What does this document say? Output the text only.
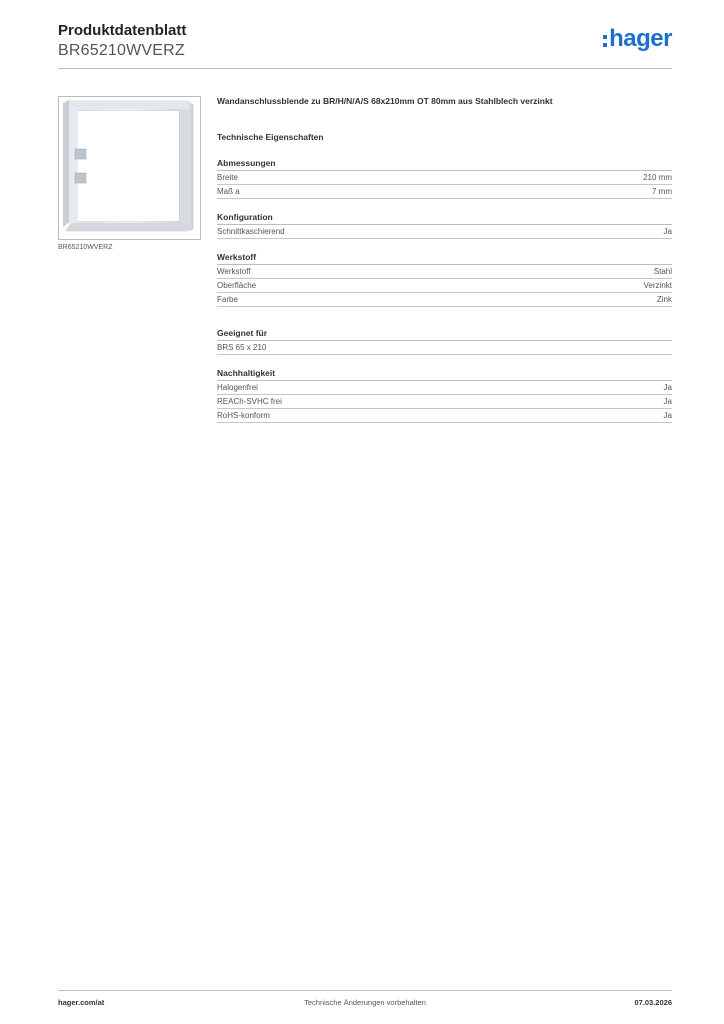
Produktdatenblatt
BR65210WVERZ	hager
BR65210WVERZ
Wandanschlussblende zu BR/H/N/A/S 68x210mm OT 80mm aus Stahlblech verzinkt
Technische Eigenschaften
Abmessungen
Breite	210 mm
Maß a	7 mm
Konfiguration
Schnittkaschierend	Ja
Werkstoff
Werkstoff	Stahl
Oberfläche	Verzinkt
Farbe	Zink
Geeignet für
BRS 65 x 210
Nachhaltigkeit
Halogenfrei	Ja
REACh-SVHC frei	Ja
RoHS-konform	Ja
hager.com/at	Technische Änderungen vorbehalten	07.03.2026
